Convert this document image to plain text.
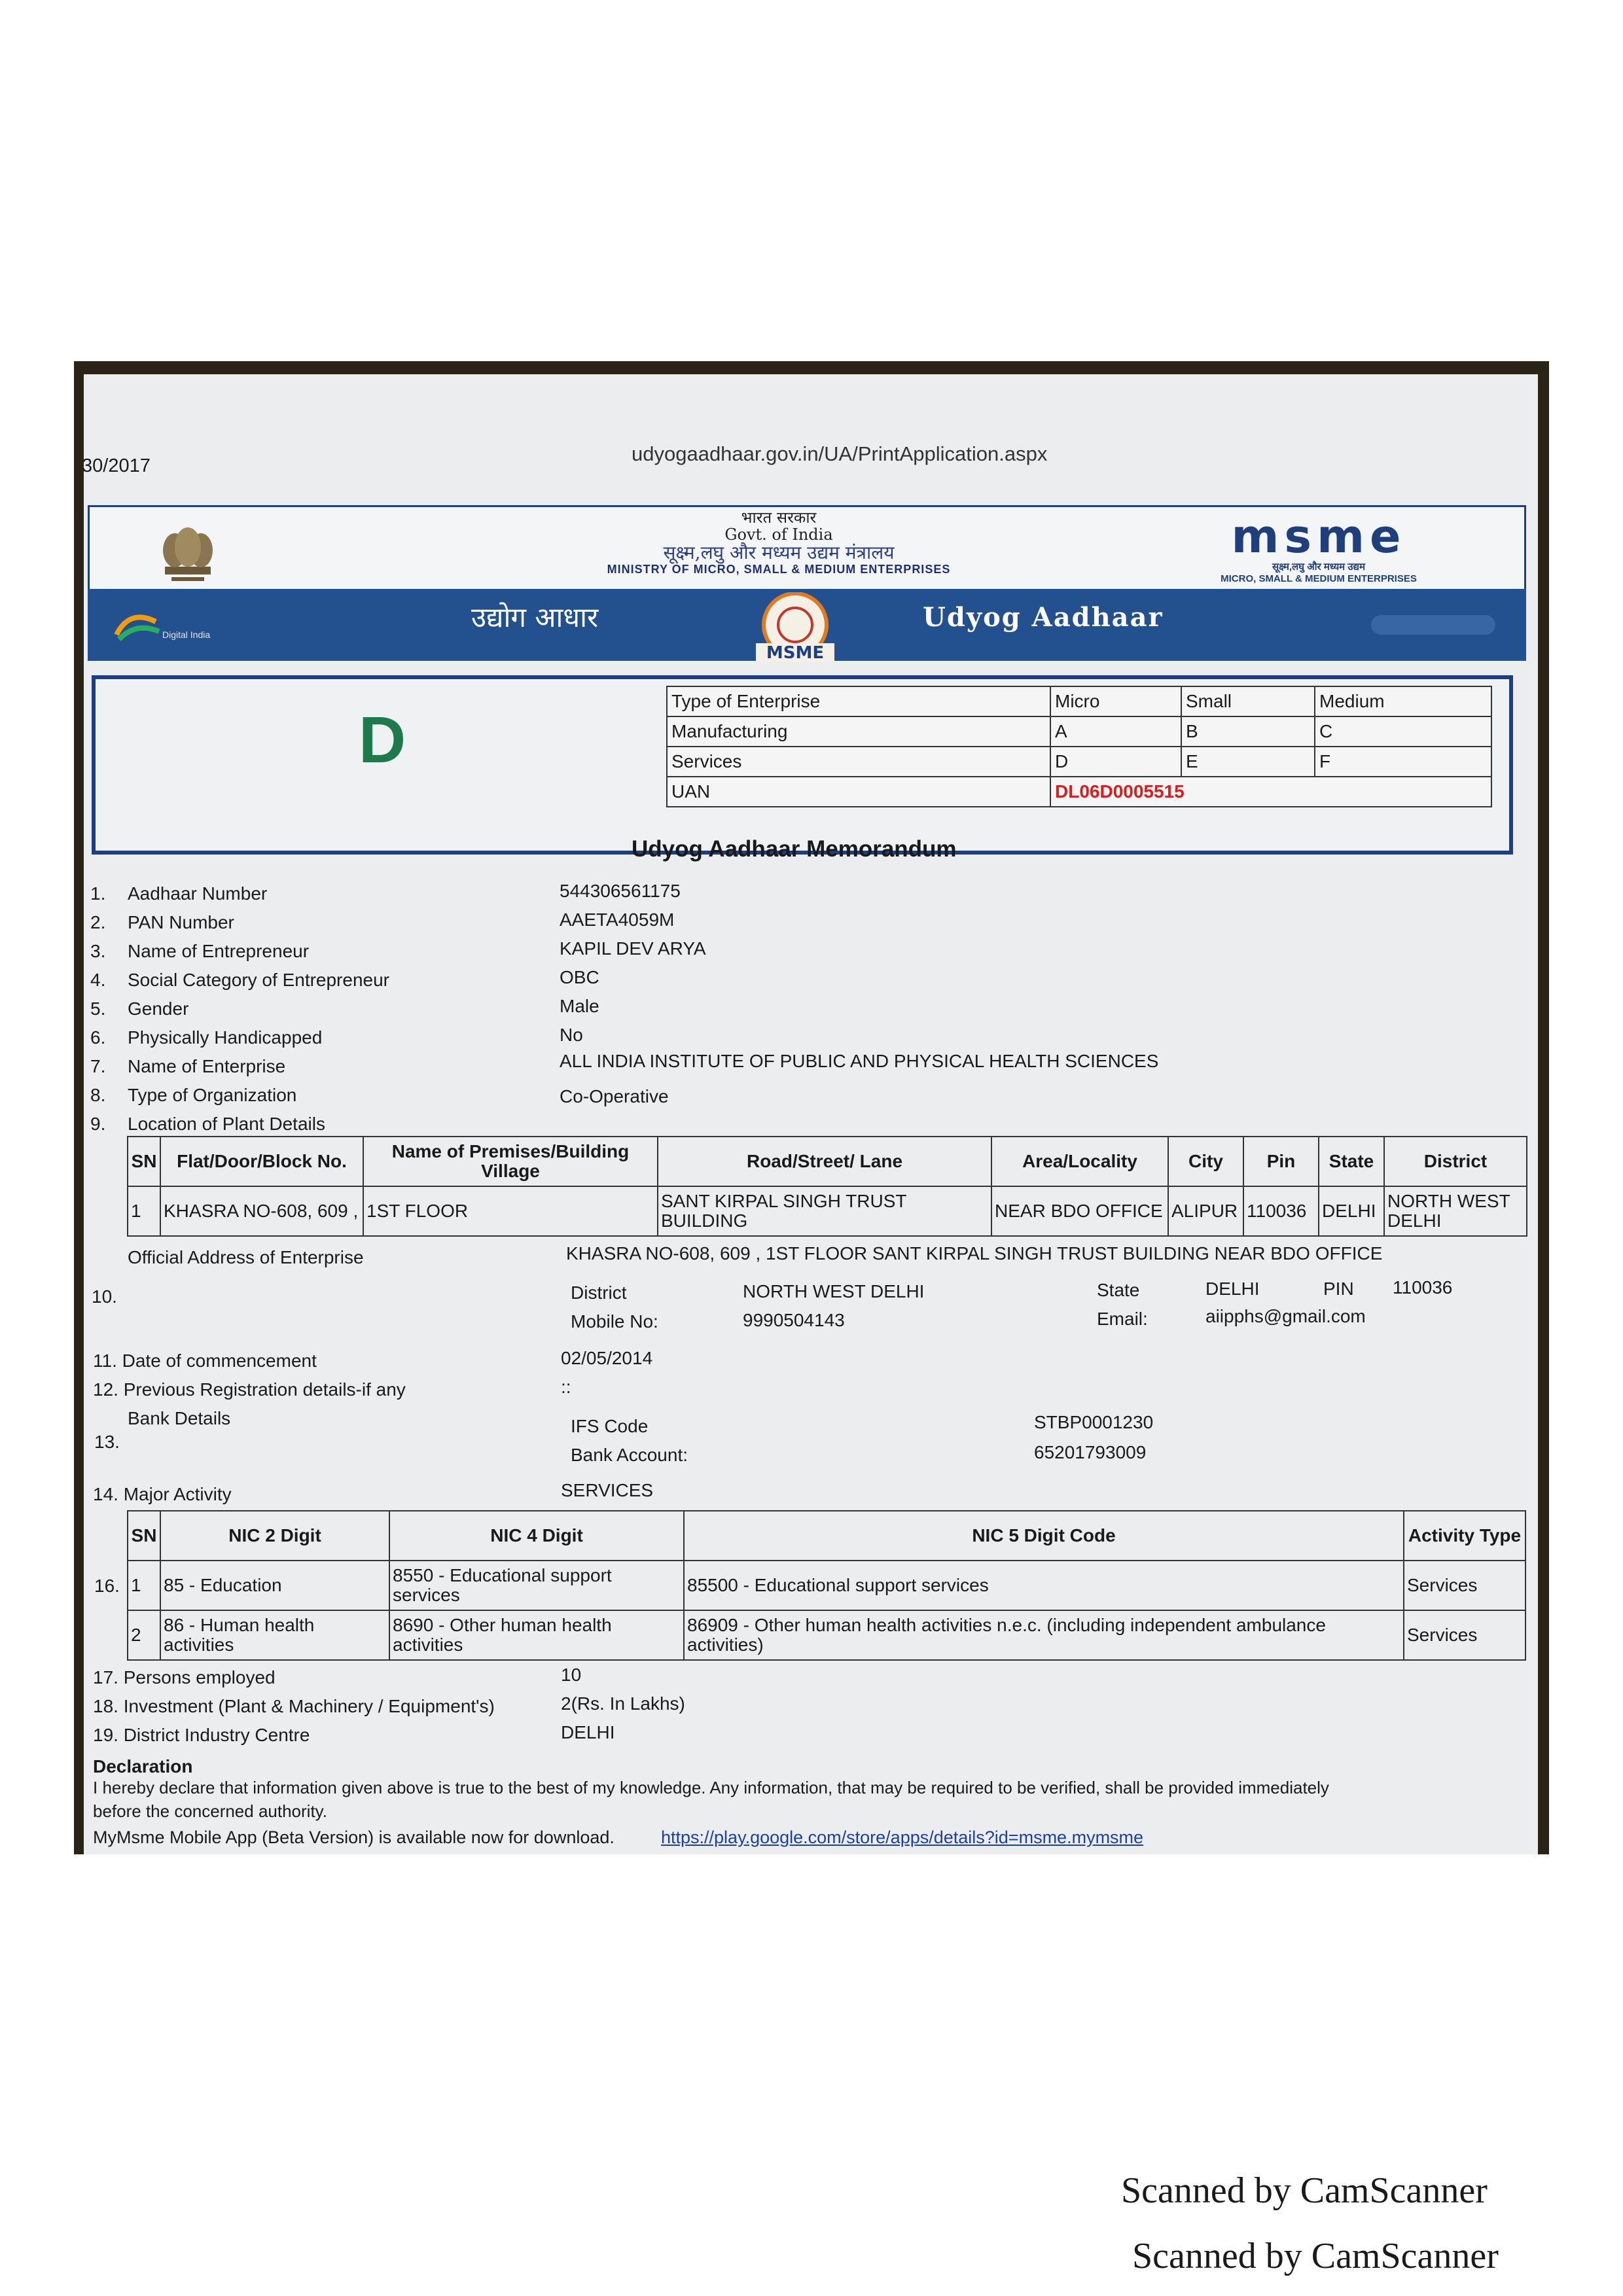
30/2017
udyogaadhaar.gov.in/UA/PrintApplication.aspx
भारत सरकार
Govt. of India
सूक्ष्म,लघु और मध्यम उद्यम मंत्रालय
MINISTRY OF MICRO, SMALL & MEDIUM ENTERPRISES
msme
सूक्ष्म,लघु और मध्यम उद्यम
MICRO, SMALL & MEDIUM ENTERPRISES
Digital India
उद्योग आधार
MSME
Udyog Aadhaar
D
Type of Enterprise	Micro	Small	Medium
Manufacturing	A	B	C
Services	D	E	F
UAN	DL06D0005515		
Udyog Aadhaar Memorandum
1. Aadhaar Number	544306561175
2. PAN Number	AAETA4059M
3. Name of Entrepreneur	KAPIL DEV ARYA
4. Social Category of Entrepreneur	OBC
5. Gender	Male
6. Physically Handicapped	No
7. Name of Enterprise	ALL INDIA INSTITUTE OF PUBLIC AND PHYSICAL HEALTH SCIENCES
8. Type of Organization	Co-Operative
9. Location of Plant Details
SN	Flat/Door/Block No.	Name of Premises/Building Village	Road/Street/ Lane	Area/Locality	City	Pin	State	District
1	KHASRA NO-608, 609 ,	1ST FLOOR	SANT KIRPAL SINGH TRUST BUILDING	NEAR BDO OFFICE	ALIPUR	110036	DELHI	NORTH WEST DELHI
Official Address of Enterprise	KHASRA NO-608, 609 , 1ST FLOOR SANT KIRPAL SINGH TRUST BUILDING NEAR BDO OFFICE
10.	District	NORTH WEST DELHI	State	DELHI	PIN 110036
Mobile No:	9990504143	Email:	aiipphs@gmail.com
11. Date of commencement	02/05/2014
12. Previous Registration details-if any	::
Bank Details
13.
IFS Code	STBP0001230
Bank Account:	65201793009
14. Major Activity	SERVICES
SN	NIC 2 Digit	NIC 4 Digit	NIC 5 Digit Code	Activity Type
1	85 - Education	8550 - Educational support services	85500 - Educational support services	Services
2	86 - Human health activities	8690 - Other human health activities	86909 - Other human health activities n.e.c. (including independent ambulance activities)	Services
16.
17. Persons employed	10
18. Investment (Plant & Machinery / Equipment's)	2(Rs. In Lakhs)
19. District Industry Centre	DELHI
Declaration
I hereby declare that information given above is true to the best of my knowledge. Any information, that may be required to be verified, shall be provided immediately
before the concerned authority.
MyMsme Mobile App (Beta Version) is available now for download.	https://play.google.com/store/apps/details?id=msme.mymsme
Scanned by CamScanner
Scanned by CamScanner
